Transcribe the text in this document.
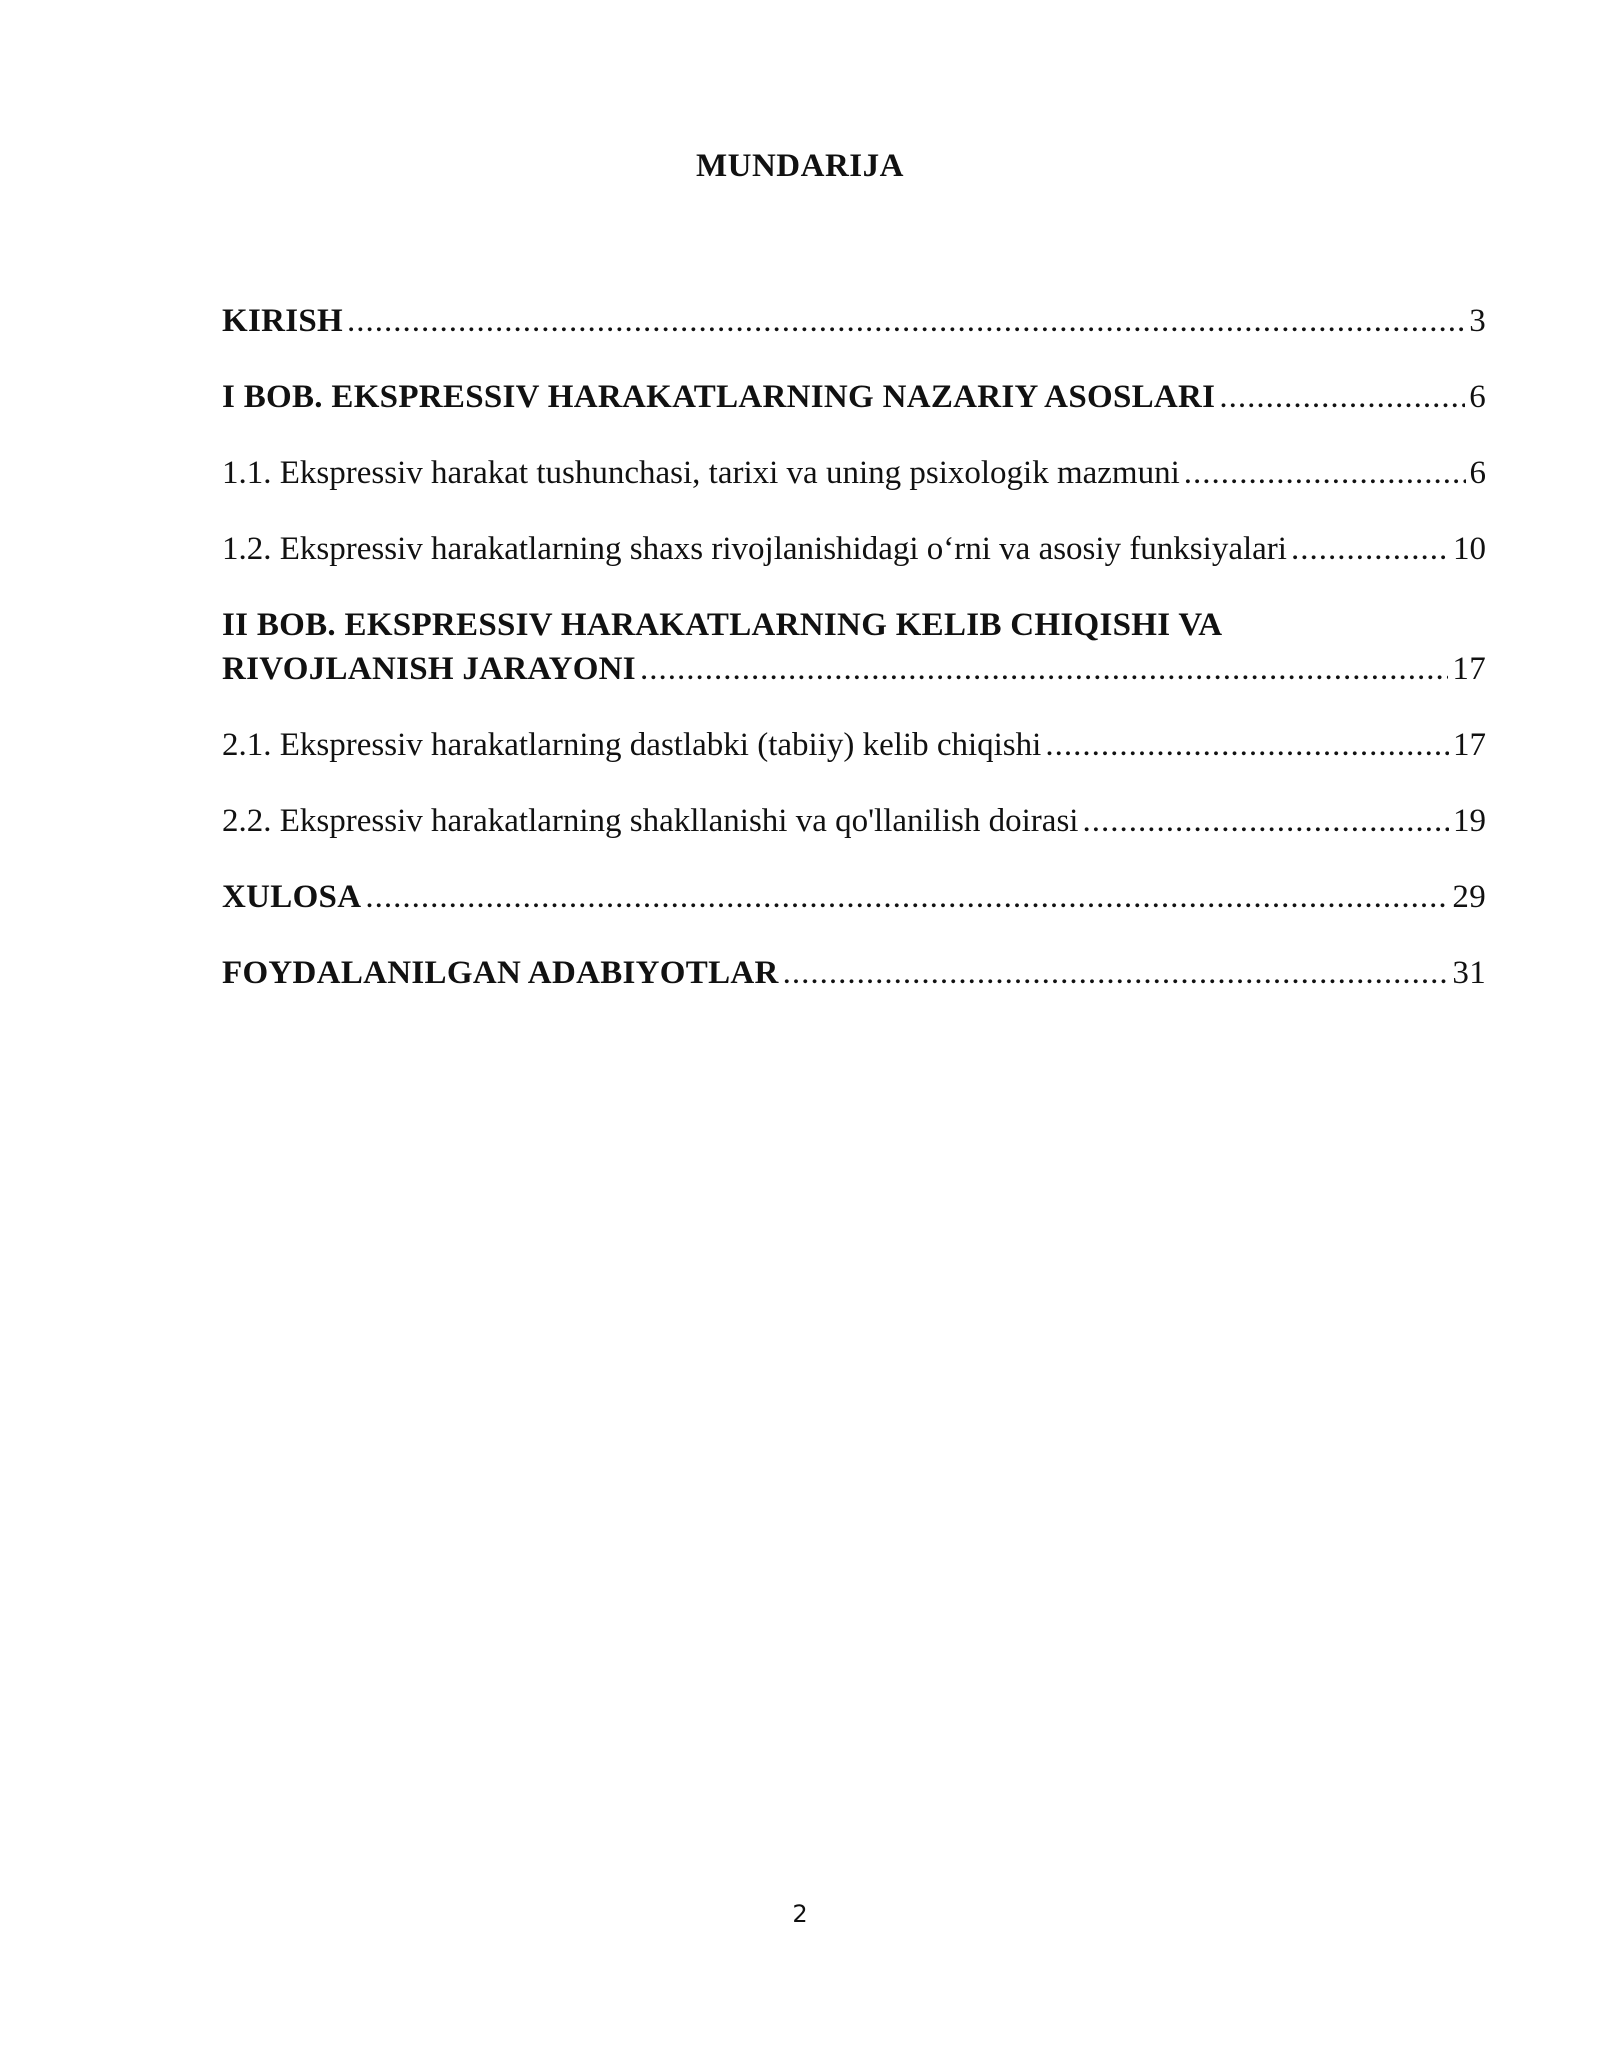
MUNDARIJA
KIRISH .....	3
I BOB. EKSPRESSIV HARAKATLARNING NAZARIY ASOSLARI .....	6
1.1. Ekspressiv harakat tushunchasi, tarixi va uning psixologik mazmuni .....	6
1.2. Ekspressiv harakatlarning shaxs rivojlanishidagi o‘rni va asosiy funksiyalari .....	10
II BOB. EKSPRESSIV HARAKATLARNING KELIB CHIQISHI VA
RIVOJLANISH JARAYONI .....	17
2.1. Ekspressiv harakatlarning dastlabki (tabiiy) kelib chiqishi .....	17
2.2. Ekspressiv harakatlarning shakllanishi va qo'llanilish doirasi .....	19
XULOSA .....	29
FOYDALANILGAN ADABIYOTLAR .....	31
2
